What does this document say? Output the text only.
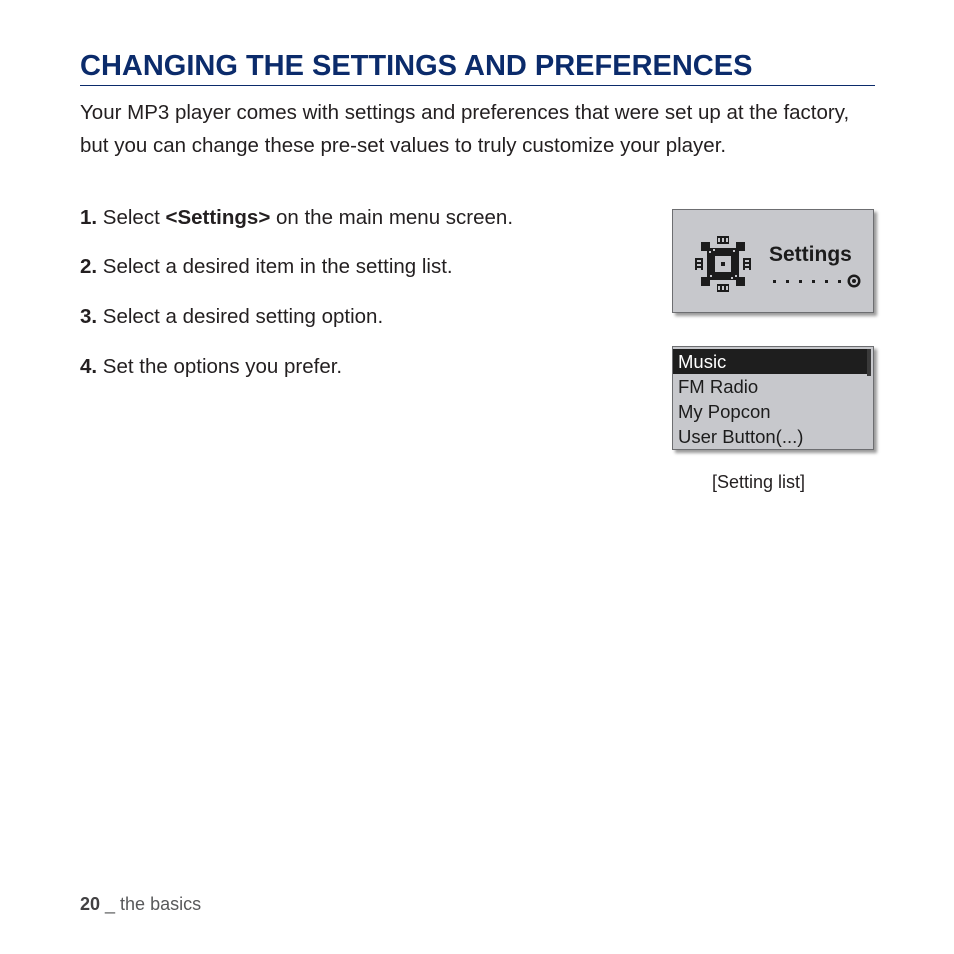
CHANGING THE SETTINGS AND PREFERENCES
Your MP3 player comes with settings and preferences that were set up at the factory, but you can change these pre-set values to truly customize your player.
1. Select <Settings> on the main menu screen.
2. Select a desired item in the setting list.
3. Select a desired setting option.
4. Set the options you prefer.
Settings
Music
FM Radio
My Popcon
User Button(...)
[Setting list]
20 _ the basics
